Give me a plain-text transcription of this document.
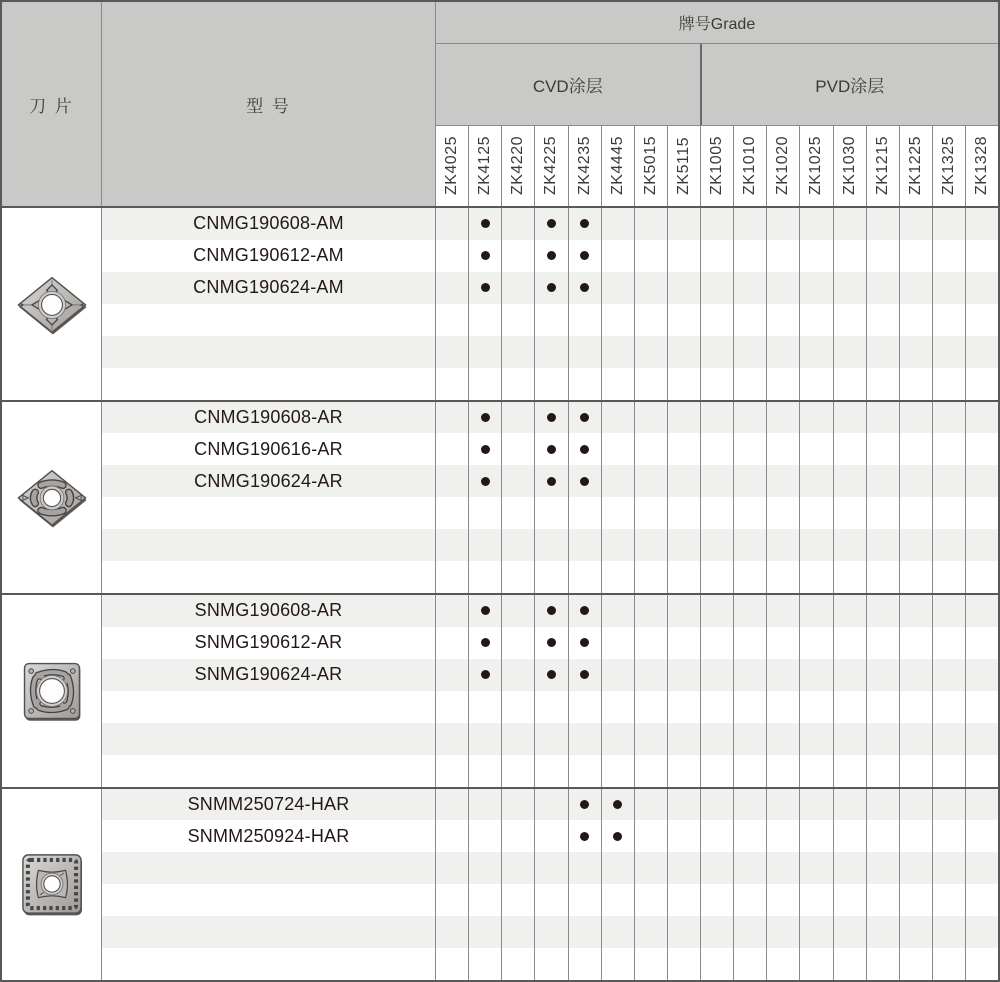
刀 片	型 号
牌号Grade
CVD涂层	PVD涂层
ZK4025 ZK4125 ZK4220 ZK4225 ZK4235 ZK4445 ZK5015 ZK5115 ZK1005 ZK1010 ZK1020 ZK1025 ZK1030 ZK1215 ZK1225 ZK1325 ZK1328
CNMG190608-AM
CNMG190612-AM
CNMG190624-AM
CNMG190608-AR
CNMG190616-AR
CNMG190624-AR
SNMG190608-AR
SNMG190612-AR
SNMG190624-AR
SNMM250724-HAR
SNMM250924-HAR
